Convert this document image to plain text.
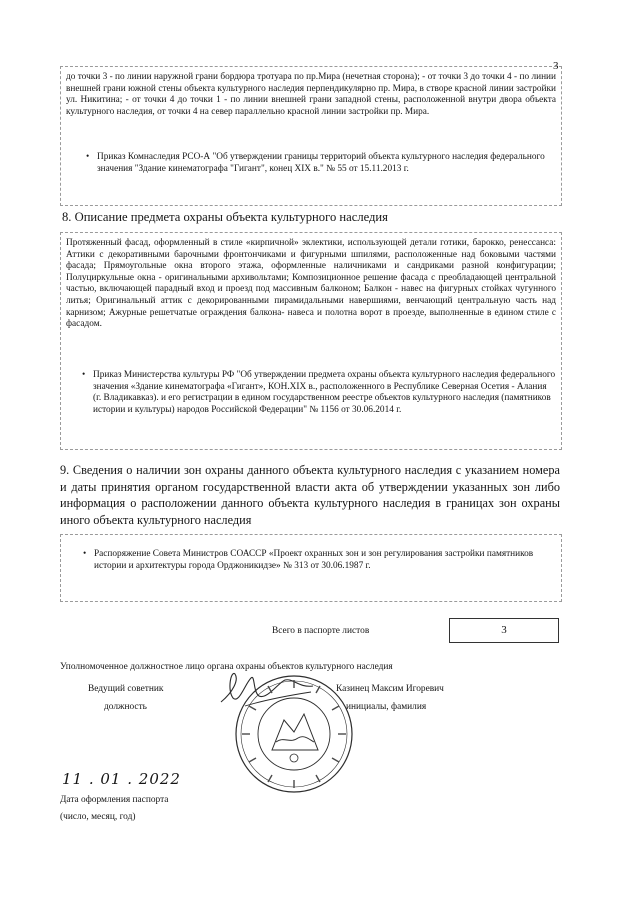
3
до точки 3 - по линии наружной грани бордюра тротуара по пр.Мира (нечетная сторона); - от точки 3 до точки 4 - по линии внешней грани южной стены объекта культурного наследия перпендикулярно пр. Мира, в створе красной линии застройки ул. Никитина; - от точки 4 до точки 1 - по линии внешней грани западной стены, расположенной внутри двора объекта культурного наследия, от точки 4 на север параллельно красной линии застройки пр. Мира.
• Приказ Комнаследия РСО-А "Об утверждении границы территорий объекта культурного наследия федерального значения "Здание кинематографа "Гигант", конец XIX в." № 55 от 15.11.2013 г.
8. Описание предмета охраны объекта культурного наследия
Протяженный фасад, оформленный в стиле «кирпичной» эклектики, использующей детали готики, барокко, ренессанса: Аттики с декоративными барочными фронтончиками и фигурными шпилями, расположенные над боковыми частями фасада; Прямоугольные окна второго этажа, оформленные наличниками и сандриками разной конфигурации; Полуциркульные окна - оригинальными архивольтами; Композиционное решение фасада с преобладающей центральной частью, включающей парадный вход и проезд под массивным балконом; Балкон - навес на фигурных стойках чугунного литья; Оригинальный аттик с декорированными пирамидальными навершиями, венчающий центральную часть над карнизом; Ажурные решетчатые ограждения балкона- навеса и полотна ворот в проезде, выполненные в едином стиле с фасадом.
• Приказ Министерства культуры РФ "Об утверждении предмета охраны объекта культурного наследия федерального значения «Здание кинематографа «Гигант», КОН.XIX в., расположенного в Республике Северная Осетия - Алания (г. Владикавказ). и его регистрации в едином государственном реестре объектов культурного наследия (памятников истории и культуры) народов Российской Федерации" № 1156 от 30.06.2014 г.
9. Сведения о наличии зон охраны данного объекта культурного наследия с указанием номера и даты принятия органом государственной власти акта об утверждении указанных зон либо информация о расположении данного объекта культурного наследия в границах зон охраны иного объекта культурного наследия
• Распоряжение Совета Министров СОАССР «Проект охранных зон и зон регулирования застройки памятников истории и архитектуры города Орджоникидзе» № 313 от 30.06.1987 г.
Всего в паспорте листов	3
Уполномоченное должностное лицо органа охраны объектов культурного наследия
Ведущий советник
должность
Казинец Максим Игоревич
инициалы, фамилия
11 . 01 . 2022
Дата оформления паспорта
(число, месяц, год)
